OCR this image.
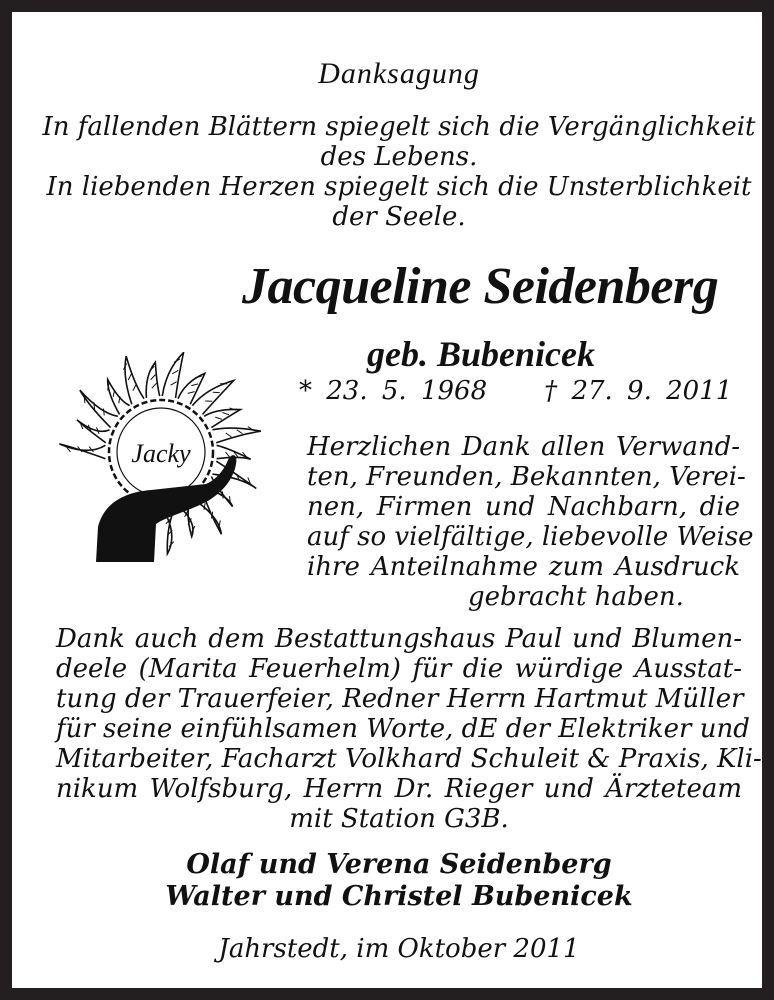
Danksagung
In fallenden Blättern spiegelt sich die Vergänglichkeit
des Lebens.
In liebenden Herzen spiegelt sich die Unsterblichkeit
der Seele.
Jacqueline Seidenberg
geb. Bubenicek
* 23. 5. 1968    † 27. 9. 2011
Jacky	Herzlichen Dank allen Verwand-
ten, Freunden, Bekannten, Verei-
nen, Firmen und Nachbarn, die
auf so vielfältige, liebevolle Weise
ihre Anteilnahme zum Ausdruck
gebracht haben.
Dank auch dem Bestattungshaus Paul und Blumen-
deele (Marita Feuerhelm) für die würdige Ausstat-
tung der Trauerfeier, Redner Herrn Hartmut Müller
für seine einfühlsamen Worte, dE der Elektriker und
Mitarbeiter, Facharzt Volkhard Schuleit & Praxis, Kli-
nikum Wolfsburg, Herrn Dr. Rieger und Ärzteteam
mit Station G3B.
Olaf und Verena Seidenberg
Walter und Christel Bubenicek
Jahrstedt, im Oktober 2011
